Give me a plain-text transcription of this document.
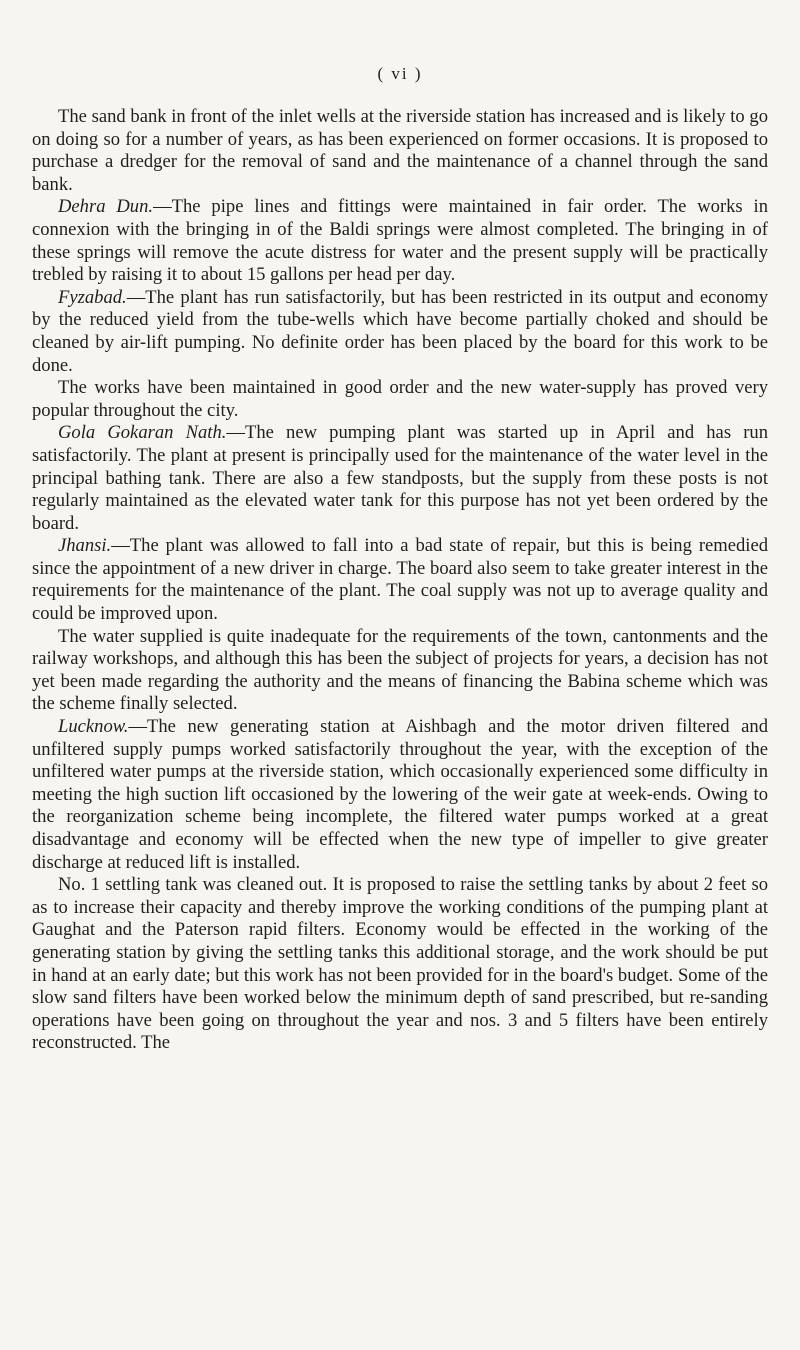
( vi )

The sand bank in front of the inlet wells at the riverside station has increased and is likely to go on doing so for a number of years, as has been experienced on former occasions. It is proposed to purchase a dredger for the removal of sand and the maintenance of a channel through the sand bank.

Dehra Dun.—The pipe lines and fittings were maintained in fair order. The works in connexion with the bringing in of the Baldi springs were almost completed. The bringing in of these springs will remove the acute distress for water and the present supply will be practically trebled by raising it to about 15 gallons per head per day.

Fyzabad.—The plant has run satisfactorily, but has been restricted in its output and economy by the reduced yield from the tube-wells which have become partially choked and should be cleaned by air-lift pumping. No definite order has been placed by the board for this work to be done.

The works have been maintained in good order and the new water-supply has proved very popular throughout the city.

Gola Gokaran Nath.—The new pumping plant was started up in April and has run satisfactorily. The plant at present is principally used for the maintenance of the water level in the principal bathing tank. There are also a few standposts, but the supply from these posts is not regularly maintained as the elevated water tank for this purpose has not yet been ordered by the board.

Jhansi.—The plant was allowed to fall into a bad state of repair, but this is being remedied since the appointment of a new driver in charge. The board also seem to take greater interest in the requirements for the maintenance of the plant. The coal supply was not up to average quality and could be improved upon.

The water supplied is quite inadequate for the requirements of the town, cantonments and the railway workshops, and although this has been the subject of projects for years, a decision has not yet been made regarding the authority and the means of financing the Babina scheme which was the scheme finally selected.

Lucknow.—The new generating station at Aishbagh and the motor driven filtered and unfiltered supply pumps worked satisfactorily throughout the year, with the exception of the unfiltered water pumps at the riverside station, which occasionally experienced some difficulty in meeting the high suction lift occasioned by the lowering of the weir gate at week-ends. Owing to the reorganization scheme being incomplete, the filtered water pumps worked at a great disadvantage and economy will be effected when the new type of impeller to give greater discharge at reduced lift is installed.

No. 1 settling tank was cleaned out. It is proposed to raise the settling tanks by about 2 feet so as to increase their capacity and thereby improve the working conditions of the pumping plant at Gaughat and the Paterson rapid filters. Economy would be effected in the working of the generating station by giving the settling tanks this additional storage, and the work should be put in hand at an early date; but this work has not been provided for in the board's budget. Some of the slow sand filters have been worked below the minimum depth of sand prescribed, but re-sanding operations have been going on throughout the year and nos. 3 and 5 filters have been entirely reconstructed. The
